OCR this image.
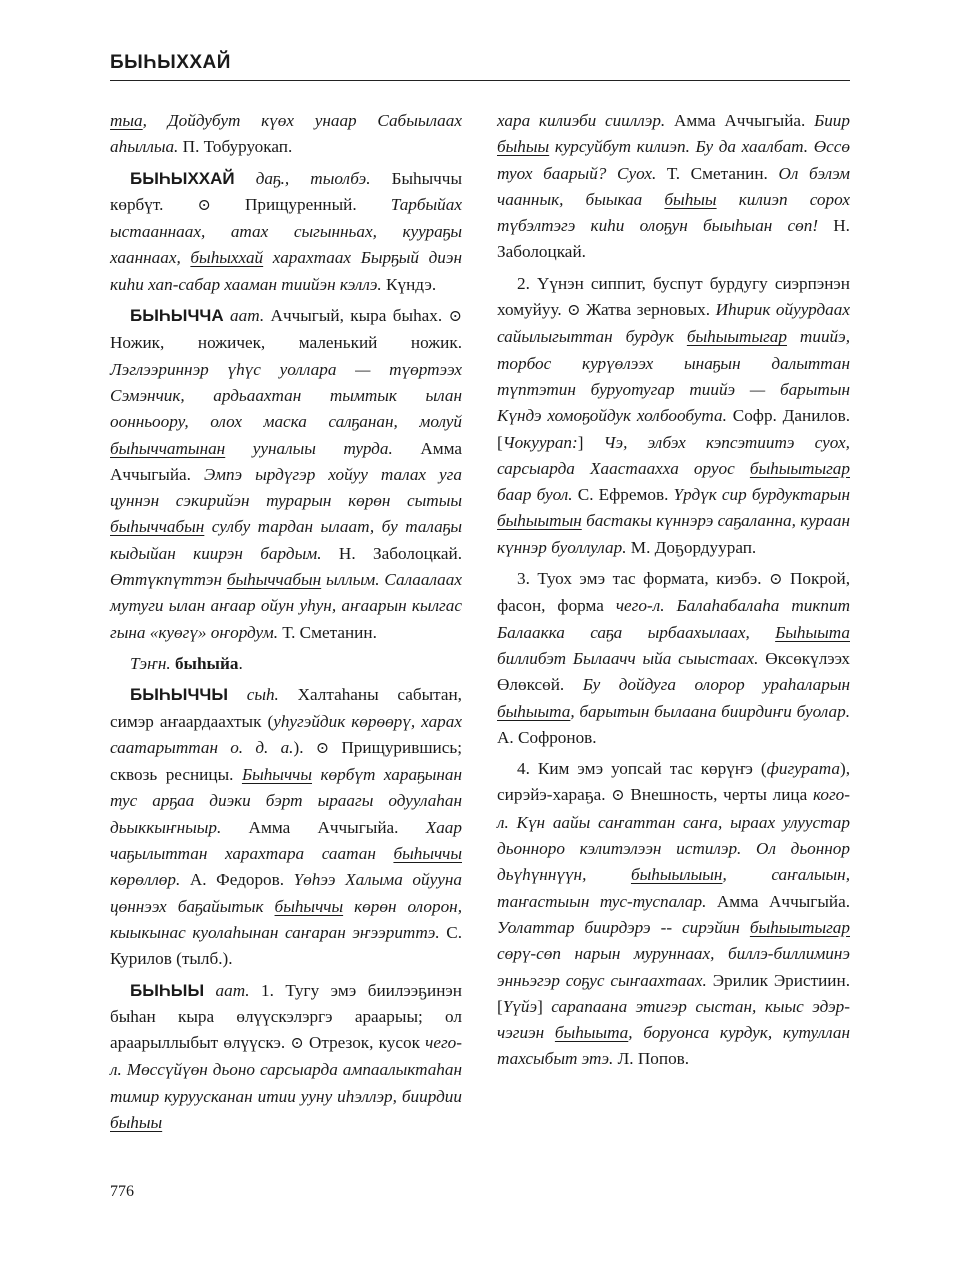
БЫҺЫХХАЙ

тыа, Дойдубут күөх унаар Сабыылаах аһыллыа. П. Тобуруокап.

БЫҺЫХХАЙ даҕ., тыолбэ. Быһыччы көрбүт. ⊙ Прищуренный. Тарбыйах ыстааннаах, атах сыгынньах, куураҕы хааннаах, быһыххай харахтаах Бырҕый диэн киһи хап-сабар хааман тиийэн кэллэ. Күндэ.

БЫҺЫЧЧА аат. Аччыгый, кыра быһах. ⊙ Ножик, ножичек, маленький ножик. Лэглээриннэр үһүс уоллара — түөртээх Сэмэнчик, ардьаахтан тымтык ылан оонньоору, олох маска салҕанан, молуй быһыччатынан ууналыы турда. Амма Аччыгыйа. Эмпэ ырдүгэр хойуу талах уга цуннэн сэкирийэн турарын көрөн сытыы быһыччабын сулбу тардан ылаат, бу талаҕы кыдыйан киирэн бардым. Н. Заболоцкай. Өттүкпүттэн быһыччабын ыллым. Салаалаах мутуги ылан аҥаар ойун уһун, аҥаарын кылгас гына «куөгү» оҥордум. Т. Сметанин.

Тэҥн. быһыйа.

БЫҺЫЧЧЫ сыһ. Халтаһаны сабытан, симэр аҥаардаахтык (уһугэйдик көрөөрү, харах саатарыттан о. д. а.). ⊙ Прищурившись; сквозь ресницы. Быһыччы көрбүт хараҕынан тус арҕаа диэки бэрт ыраагы одуулаһан дьыккыҥныыр. Амма Аччыгыйа. Хаар чаҕылыттан харахтара саатан быһыччы көрөллөр. А. Федоров. Үөһээ Халыма ойууна цөннээх баҕайытык быһыччы көрөн олорон, кыыкынас куолаһынан саҥаран эҥээриттэ. С. Курилов (тылб.).

БЫҺЫЫ аат. 1. Тугу эмэ биилээҕинэн быһан кыра өлүүскэлэргэ араарыы; ол араарыллыбыт өлүүскэ. ⊙ Отрезок, кусок чего-л. Мөссүйүөн дьоно сарсыарда ампаалыктаһан тимир куруусканан итии ууну иһэллэр, биирдии быһыы

хара килиэби сииллэр. Амма Аччыгыйа. Биир быһыы курсуйбут килиэп. Бу да хаалбат. Өссө туох баарый? Суох. Т. Сметанин. Ол бэлэм чааннык, быыкаа быһыы килиэп сорох түбэлтэгэ киһи олоҕун быыһыан сөп! Н. Заболоцкай.

2. Үүнэн сиппит, буспут бурдугу сиэрпэнэн хомуйуу. ⊙ Жатва зерновых. Иһирик ойуурдаах сайылыгыттан бурдук быһыытыгар тиийэ, торбос курүөлээх ынаҕын далыттан түптэтин буруотугар тиийэ — барытын Күндэ хомоҕойдук холбообута. Софр. Данилов. [Чокуурап:] Чэ, элбэх кэпсэтиитэ суох, сарсыарда Хаастаахха оруос быһыытыгар баар буол. С. Ефремов. Үрдүк сир бурдуктарын быһыытын бастакы күннэрэ саҕаланна, кураан күннэр буоллулар. М. Доҕордуурап.

3. Туох эмэ тас формата, киэбэ. ⊙ Покрой, фасон, форма чего-л. Балаһабалаһа тикпит Балаакка саҕа ырбаахылаах, Быһыыта биллибэт Былаачч ыйа сыыстаах. Өксөкүлээх Өлөксөй. Бу дойдуга олорор ураһаларын быһыыта, барытын былаана биирдиҥи буолар. А. Софронов.

4. Ким эмэ уопсай тас көрүҥэ (фигурата), сирэйэ-хараҕа. ⊙ Внешность, черты лица кого-л. Күн аайы саҥаттан саҥа, ыраах улуустар дьонноро кэлитэлээн истилэр. Ол дьоннор дьүһүннүүн, быһыылыын, саҥалыын, таҥастыын тус-туспалар. Амма Аччыгыйа. Уолаттар биирдэрэ -- сирэйин быһыытыгар сөрү-сөп нарын муруннаах, биллэ-биллиминэ энньэгэр соҕус сыҥаахтаах. Эрилик Эристиин. [Үүйэ] сарапаана этигэр сыстан, кыыс эдэр-чэгиэн быһыыта, боруонса курдук, кутуллан тахсыбыт этэ. Л. Попов.

776
